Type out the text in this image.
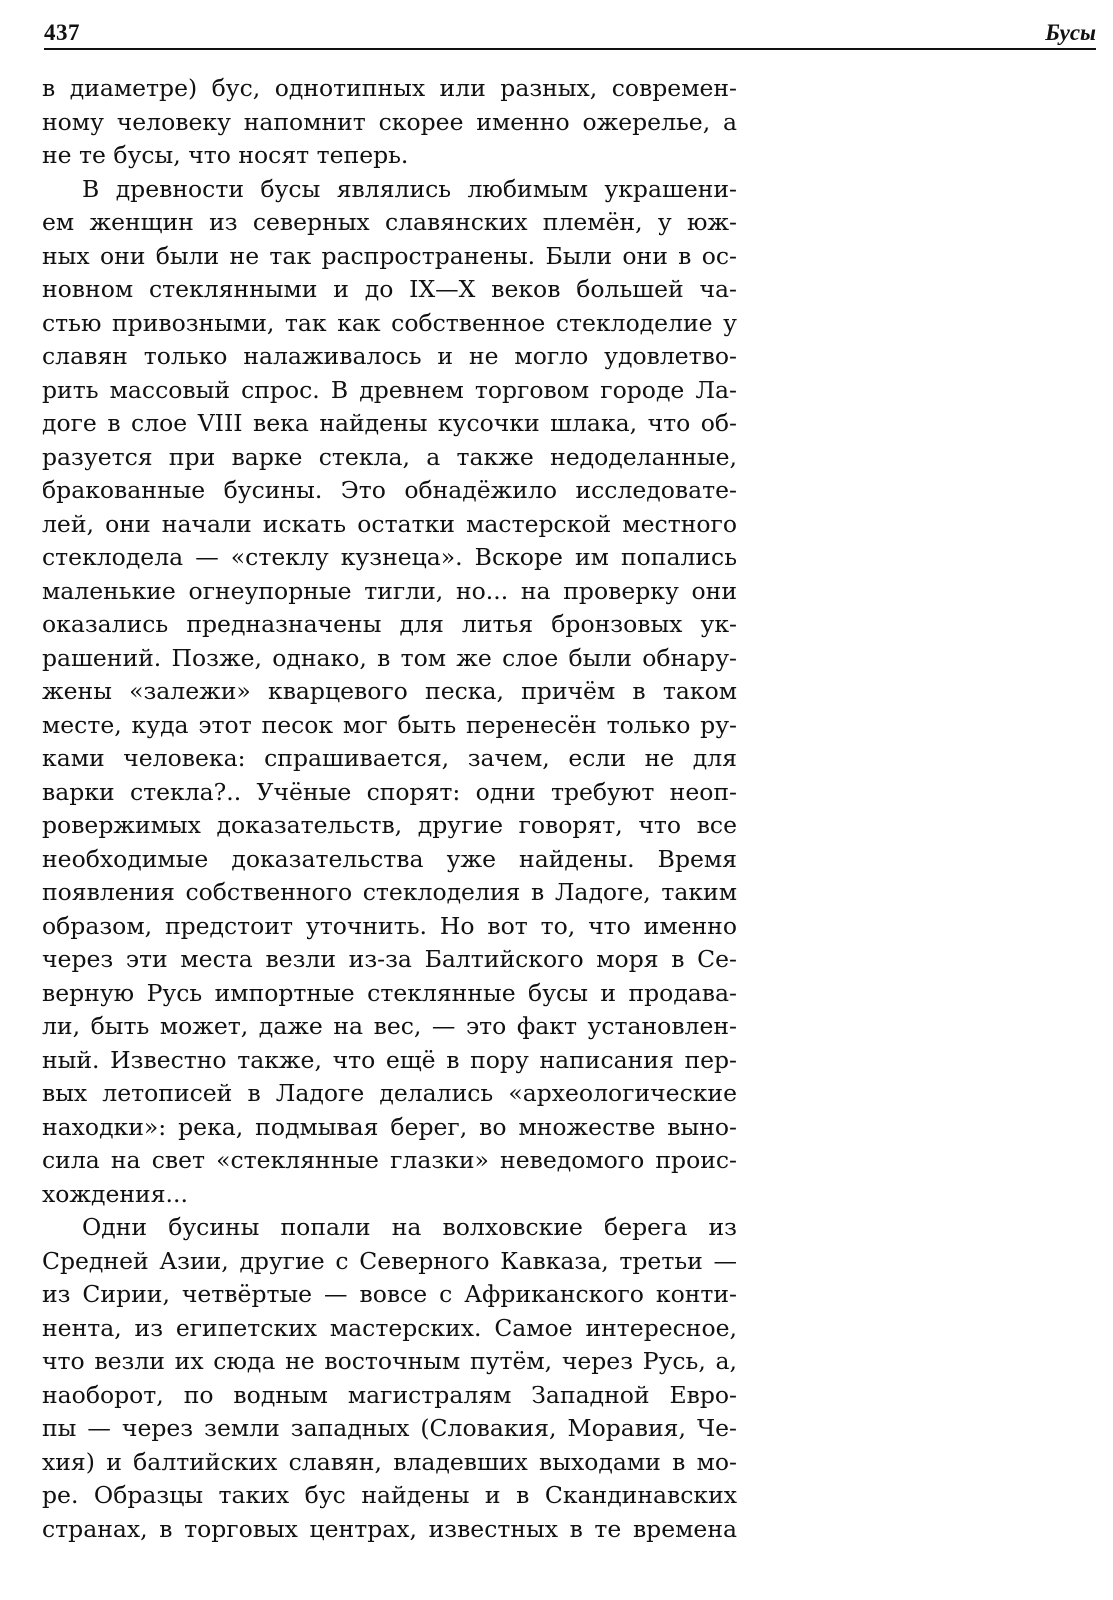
437	Бусы
в диаметре) бус, однотипных или разных, современ-
ному человеку напомнит скорее именно ожерелье, а
не те бусы, что носят теперь.
В древности бусы являлись любимым украшени-
ем женщин из северных славянских племён, у юж-
ных они были не так распространены. Были они в ос-
новном стеклянными и до IX—X веков большей ча-
стью привозными, так как собственное стеклоделие у
славян только налаживалось и не могло удовлетво-
рить массовый спрос. В древнем торговом городе Ла-
доге в слое VIII века найдены кусочки шлака, что об-
разуется при варке стекла, а также недоделанные,
бракованные бусины. Это обнадёжило исследовате-
лей, они начали искать остатки мастерской местного
стеклодела — «стеклу кузнеца». Вскоре им попались
маленькие огнеупорные тигли, но... на проверку они
оказались предназначены для литья бронзовых ук-
рашений. Позже, однако, в том же слое были обнару-
жены «залежи» кварцевого песка, причём в таком
месте, куда этот песок мог быть перенесён только ру-
ками человека: спрашивается, зачем, если не для
варки стекла?.. Учёные спорят: одни требуют неоп-
ровержимых доказательств, другие говорят, что все
необходимые доказательства уже найдены. Время
появления собственного стеклоделия в Ладоге, таким
образом, предстоит уточнить. Но вот то, что именно
через эти места везли из-за Балтийского моря в Се-
верную Русь импортные стеклянные бусы и продава-
ли, быть может, даже на вес, — это факт установлен-
ный. Известно также, что ещё в пору написания пер-
вых летописей в Ладоге делались «археологические
находки»: река, подмывая берег, во множестве выно-
сила на свет «стеклянные глазки» неведомого проис-
хождения...
Одни бусины попали на волховские берега из
Средней Азии, другие с Северного Кавказа, третьи —
из Сирии, четвёртые — вовсе с Африканского конти-
нента, из египетских мастерских. Самое интересное,
что везли их сюда не восточным путём, через Русь, а,
наоборот, по водным магистралям Западной Евро-
пы — через земли западных (Словакия, Моравия, Че-
хия) и балтийских славян, владевших выходами в мо-
ре. Образцы таких бус найдены и в Скандинавских
странах, в торговых центрах, известных в те времена
